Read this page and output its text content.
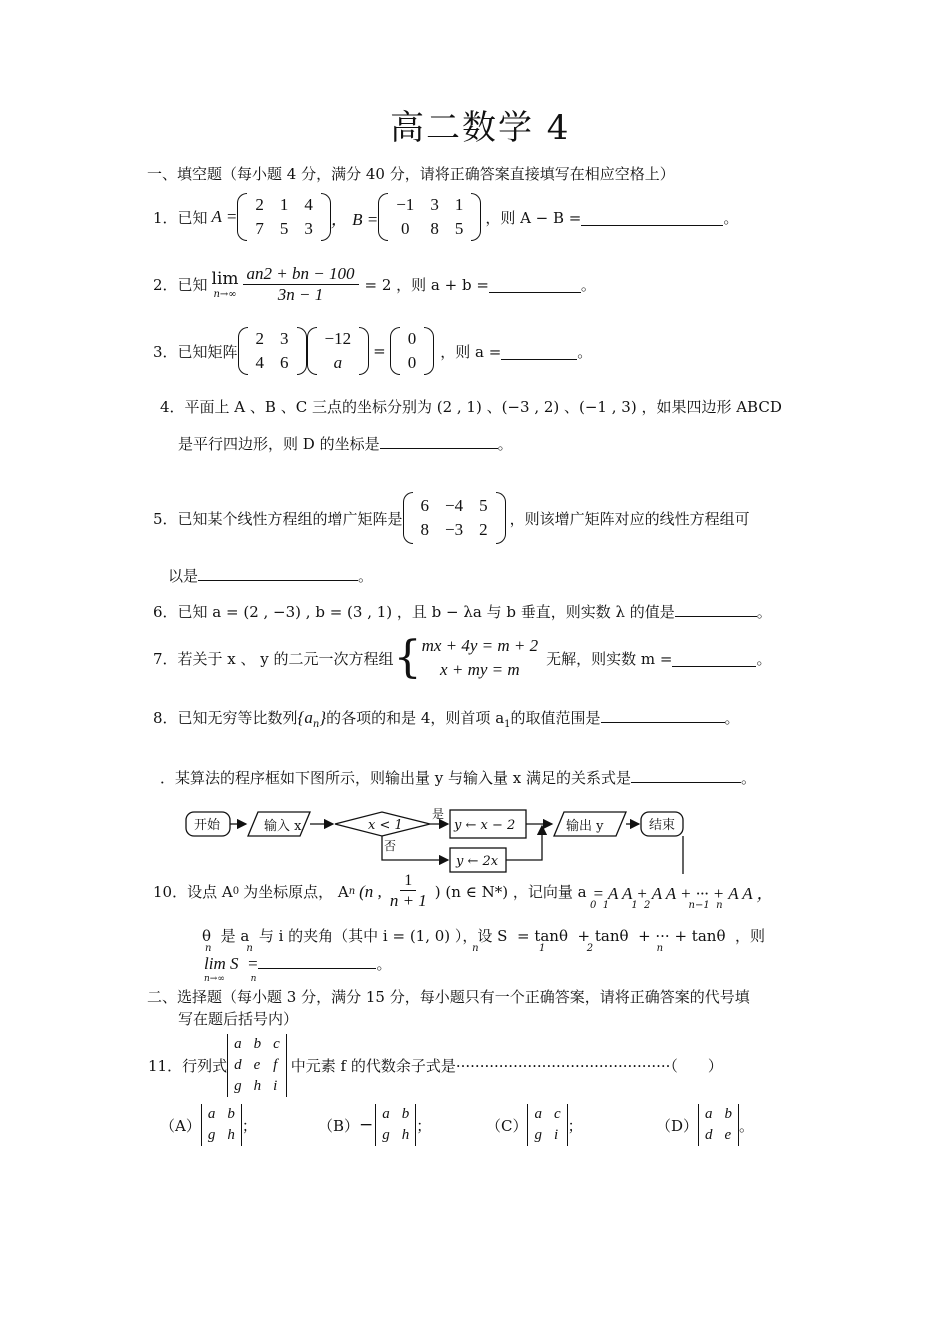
高二数学 4
一、填空题（每小题 4 分，满分 40 分，请将正确答案直接填写在相应空格上）
1．已知 A =
2	1	4
7	5	3 ， B =
−1	3	1
0	8	5
，则 A − B =	。
2．已知 lim
$n\to\infty \frac{an2 + bn - 100}{3n - 1} = 2$ ，则 a + b =	。
3．已知矩阵
2	3
4	6
−12
a
=
0
0
，则 a =	。
4．平面上 A 、B 、C 三点的坐标分别为 (2 , 1) 、(−3 , 2) 、(−1 , 3) ，如果四边形 ABCD
是平行四边形，则 D 的坐标是	。
5．已知某个线性方程组的增广矩阵是
6	−4	5
8	−3	2
，则该增广矩阵对应的线性方程组可
以是	。
6．已知 a = (2 , −3) , b = (3 , 1) ，且 b − λa 与 b 垂直，则实数 λ 的值是	。
7．若关于 x 、 y 的二元一次方程组 { mx + 4y = m + 2
x + my = m
无解，则实数 m =	。
8．已知无穷等比数列$\{a_n\}$的各项的和是 4，则首项 $a_1$的取值范围是	。
．某算法的程序框如下图所示，则输出量 y 与输入量 x 满足的关系式是	。
开始	输入 x	x < 1
是
否
y ← x − 2
y ← 2x
输出 y	结束
10．设点 A 0 为坐标原点， A n (n , $\frac{1}{n + 1}$ ) (n ∈ N*) ，记向量 a = A A + A A + ··· + A A ，
0  1       1  2            n−1  n
θ  是 a  与 i 的夹角（其中 i = (1, 0) ），设 S  = tanθ  + tanθ  + ··· + tanθ  ，则
n           n                                                                     n                   1             2                    n
lim S  =	。
n→∞         n
二、选择题（每小题 3 分，满分 15 分，每小题只有一个正确答案，请将正确答案的代号填
写在题后括号内）
11．行列式
a	b	c
d	e	f
g	h	i
中元素 f 的代数余子式是·············································（　　）
（A）
a	b
g	h
；	（B） −
a	b
g	h
；	（C）
a	c
g	i
；	（D）
a	b
d	e
。
